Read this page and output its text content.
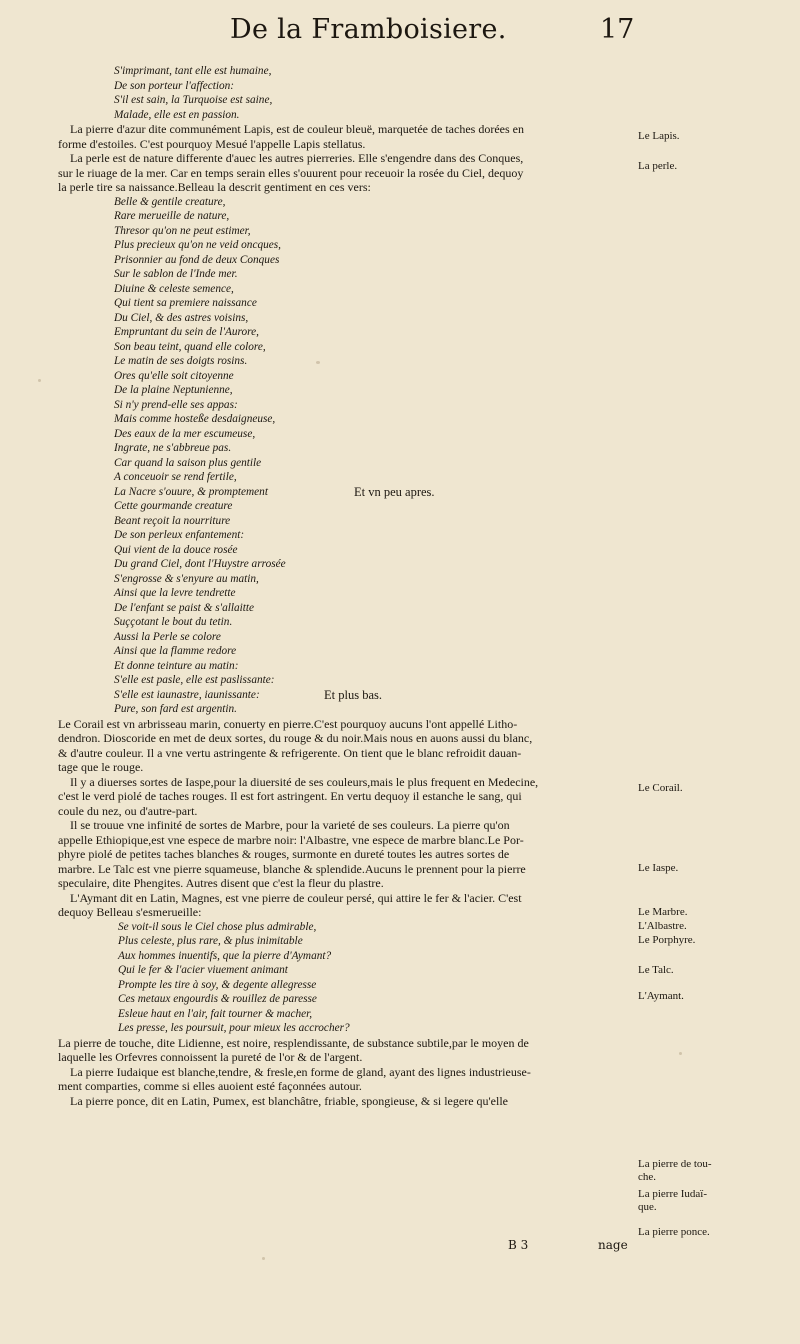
De la Framboisiere.	17
S'imprimant, tant elle est humaine,
De son porteur l'affection:
S'il est sain, la Turquoise est saine,
Malade, elle est en passion.
La pierre d'azur dite communément Lapis, est de couleur bleuë, marquetée de taches dorées en
forme d'estoiles. C'est pourquoy Mesué l'appelle Lapis stellatus.
La perle est de nature differente d'auec les autres pierreries. Elle s'engendre dans des Conques,
sur le riuage de la mer. Car en temps serain elles s'ouurent pour receuoir la rosée du Ciel, dequoy
la perle tire sa naissance.Belleau la descrit gentiment en ces vers:
Belle & gentile creature,
Rare merueille de nature,
Thresor qu'on ne peut estimer,
Plus precieux qu'on ne veid oncques,
Prisonnier au fond de deux Conques
Sur le sablon de l'Inde mer.
Diuine & celeste semence,
Qui tient sa premiere naissance
Du Ciel, & des astres voisins,
Empruntant du sein de l'Aurore,
Son beau teint, quand elle colore,
Le matin de ses doigts rosins.
Ores qu'elle soit citoyenne
De la plaine Neptunienne,
Si n'y prend-elle ses appas:
Mais comme hosteße desdaigneuse,
Des eaux de la mer escumeuse,
Ingrate, ne s'abbreue pas.
Car quand la saison plus gentile
A conceuoir se rend fertile,
La Nacre s'ouure, & promptement
Cette gourmande creature
Beant reçoit la nourriture
De son perleux enfantement:
Qui vient de la douce rosée
Du grand Ciel, dont l'Huystre arrosée
S'engrosse & s'enyure au matin,
Ainsi que la levre tendrette
De l'enfant se paist & s'allaitte
Suççotant le bout du tetin.
Aussi la Perle se colore
Ainsi que la flamme redore
Et donne teinture au matin:
S'elle est pasle, elle est paslissante:
S'elle est iaunastre, iaunissante:
Pure, son fard est argentin.
Le Corail est vn arbrisseau marin, conuerty en pierre.C'est pourquoy aucuns l'ont appellé Litho-
dendron. Dioscoride en met de deux sortes, du rouge & du noir.Mais nous en auons aussi du blanc,
& d'autre couleur. Il a vne vertu astringente & refrigerente. On tient que le blanc refroidit dauan-
tage que le rouge.
Il y a diuerses sortes de Iaspe,pour la diuersité de ses couleurs,mais le plus frequent en Medecine,
c'est le verd piolé de taches rouges. Il est fort astringent. En vertu dequoy il estanche le sang, qui
coule du nez, ou d'autre-part.
Il se trouue vne infinité de sortes de Marbre, pour la varieté de ses couleurs. La pierre qu'on
appelle Ethiopique,est vne espece de marbre noir: l'Albastre, vne espece de marbre blanc.Le Por-
phyre piolé de petites taches blanches & rouges, surmonte en dureté toutes les autres sortes de
marbre. Le Talc est vne pierre squameuse, blanche & splendide.Aucuns le prennent pour la pierre
speculaire, dite Phengites. Autres disent que c'est la fleur du plastre.
L'Aymant dit en Latin, Magnes, est vne pierre de couleur persé, qui attire le fer & l'acier. C'est
dequoy Belleau s'esmerueille:
Se voit-il sous le Ciel chose plus admirable,
Plus celeste, plus rare, & plus inimitable
Aux hommes inuentifs, que la pierre d'Aymant?
Qui le fer & l'acier viuement animant
Prompte les tire à soy, & degente allegresse
Ces metaux engourdis & rouillez de paresse
Esleue haut en l'air, fait tourner & macher,
Les presse, les poursuit, pour mieux les accrocher?
La pierre de touche, dite Lidienne, est noire, resplendissante, de substance subtile,par le moyen de
laquelle les Orfevres connoissent la pureté de l'or & de l'argent.
La pierre Iudaique est blanche,tendre, & fresle,en forme de gland, ayant des lignes industrieuse-
ment comparties, comme si elles auoient esté façonnées autour.
La pierre ponce, dit en Latin, Pumex, est blanchâtre, friable, spongieuse, & si legere qu'elle
Et vn peu apres.
Et plus bas.
Le Lapis.
La perle.
Le Corail.
Le Iaspe.
Le Marbre.
L'Albastre.
Le Porphyre.
Le Talc.
L'Aymant.
La pierre de tou-
che.
La pierre Iudaï-
que.
La pierre ponce.
B 3	nage
